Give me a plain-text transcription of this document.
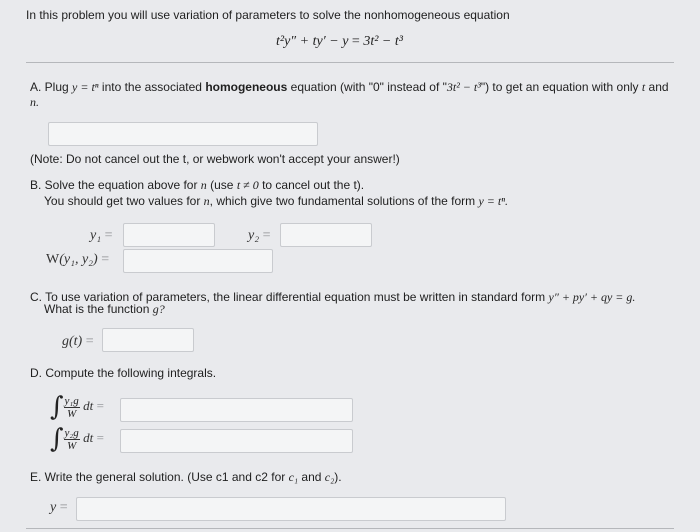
In this problem you will use variation of parameters to solve the nonhomogeneous equation
t²y″ + ty′ − y = 3t² − t³
A. Plug y = tⁿ into the associated homogeneous equation (with "0" instead of "3t² − t³") to get an equation with only t and
n.
(Note: Do not cancel out the t, or webwork won't accept your answer!)
B. Solve the equation above for n (use t ≠ 0 to cancel out the t).
You should get two values for n, which give two fundamental solutions of the form y = tⁿ.
y₁ =	y₂ =
W(y₁, y₂) =
C. To use variation of parameters, the linear differential equation must be written in standard form y″ + py′ + qy = g.
What is the function g?
g(t) =
D. Compute the following integrals.
∫ $\frac{\text{y₁g}}{W}$ dt =
∫ $\frac{\text{y₂g}}{W}$ dt =
E. Write the general solution. (Use c1 and c2 for c₁ and c₂).
y =
